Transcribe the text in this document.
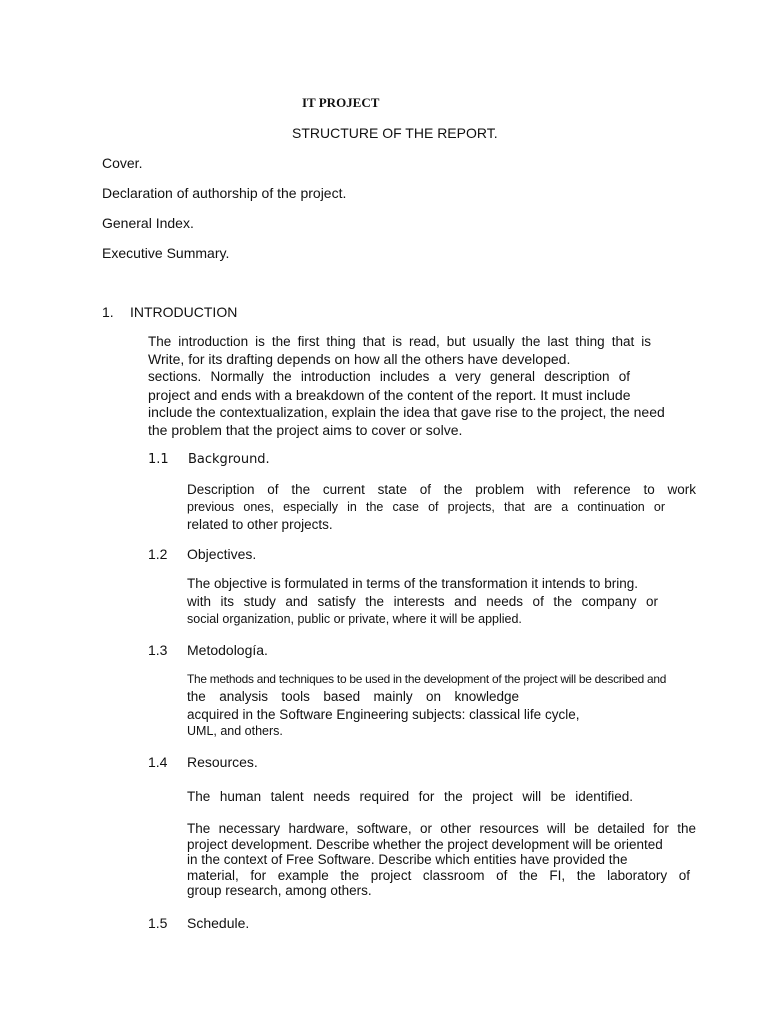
IT PROJECT

STRUCTURE OF THE REPORT.

Cover.

Declaration of authorship of the project.

General Index.

Executive Summary.

1. INTRODUCTION

The introduction is the first thing that is read, but usually the last thing that is

Write, for its drafting depends on how all the others have developed.

sections. Normally the introduction includes a very general description of

project and ends with a breakdown of the content of the report. It must include

include the contextualization, explain the idea that gave rise to the project, the need

the problem that the project aims to cover or solve.

1.1 Background.

Description of the current state of the problem with reference to work

previous ones, especially in the case of projects, that are a continuation or

related to other projects.

1.2 Objectives.

The objective is formulated in terms of the transformation it intends to bring.

with its study and satisfy the interests and needs of the company or

social organization, public or private, where it will be applied.

1.3 Metodología.

The methods and techniques to be used in the development of the project will be described and

the analysis tools based mainly on knowledge

acquired in the Software Engineering subjects: classical life cycle,

UML, and others.

1.4 Resources.

The human talent needs required for the project will be identified.

The necessary hardware, software, or other resources will be detailed for the

project development. Describe whether the project development will be oriented

in the context of Free Software. Describe which entities have provided the

material, for example the project classroom of the FI, the laboratory of

group research, among others.

1.5 Schedule.
